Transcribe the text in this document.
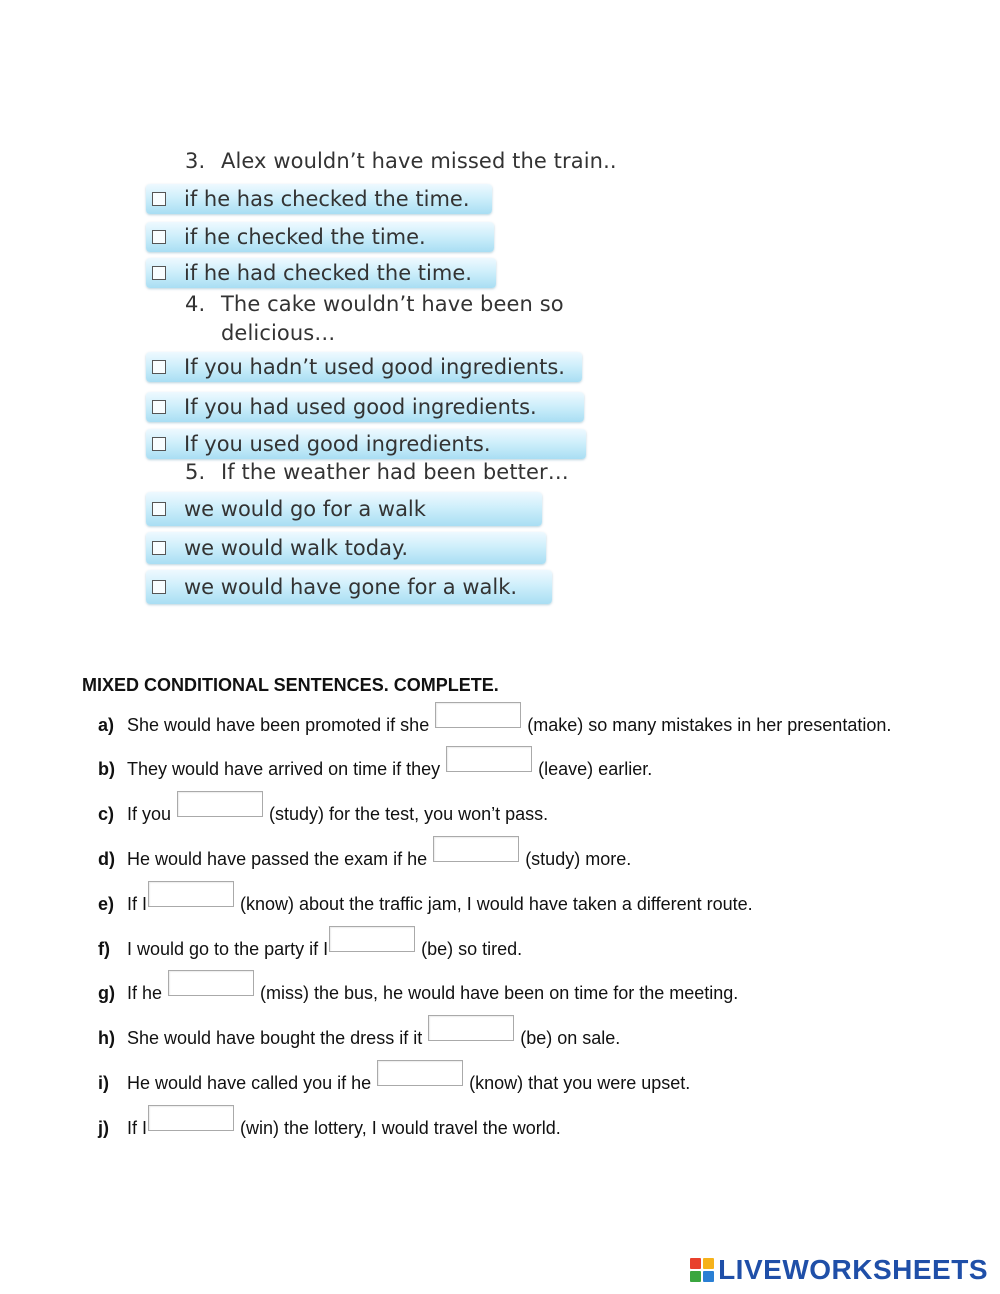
3. Alex wouldn’t have missed the train..
if he has checked the time.
if he checked the time.
if he had checked the time.
4. The cake wouldn’t have been so
delicious…
If you hadn’t used good ingredients.
If you had used good ingredients.
If you used good ingredients.
5. If the weather had been better…
we would go for a walk
we would walk today.
we would have gone for a walk.
MIXED CONDITIONAL SENTENCES. COMPLETE.
a) She would have been promoted if she	(make) so many mistakes in her presentation.
b) They would have arrived on time if they	(leave) earlier.
c) If you	(study) for the test, you won’t pass.
d) He would have passed the exam if he	(study) more.
e) If I	(know) about the traffic jam, I would have taken a different route.
f) I would go to the party if I	(be) so tired.
g) If he	(miss) the bus, he would have been on time for the meeting.
h) She would have bought the dress if it	(be) on sale.
i)	He would have called you if he	(know) that you were upset.
j)	If I	(win) the lottery, I would travel the world.
LIVEWORKSHEETS
